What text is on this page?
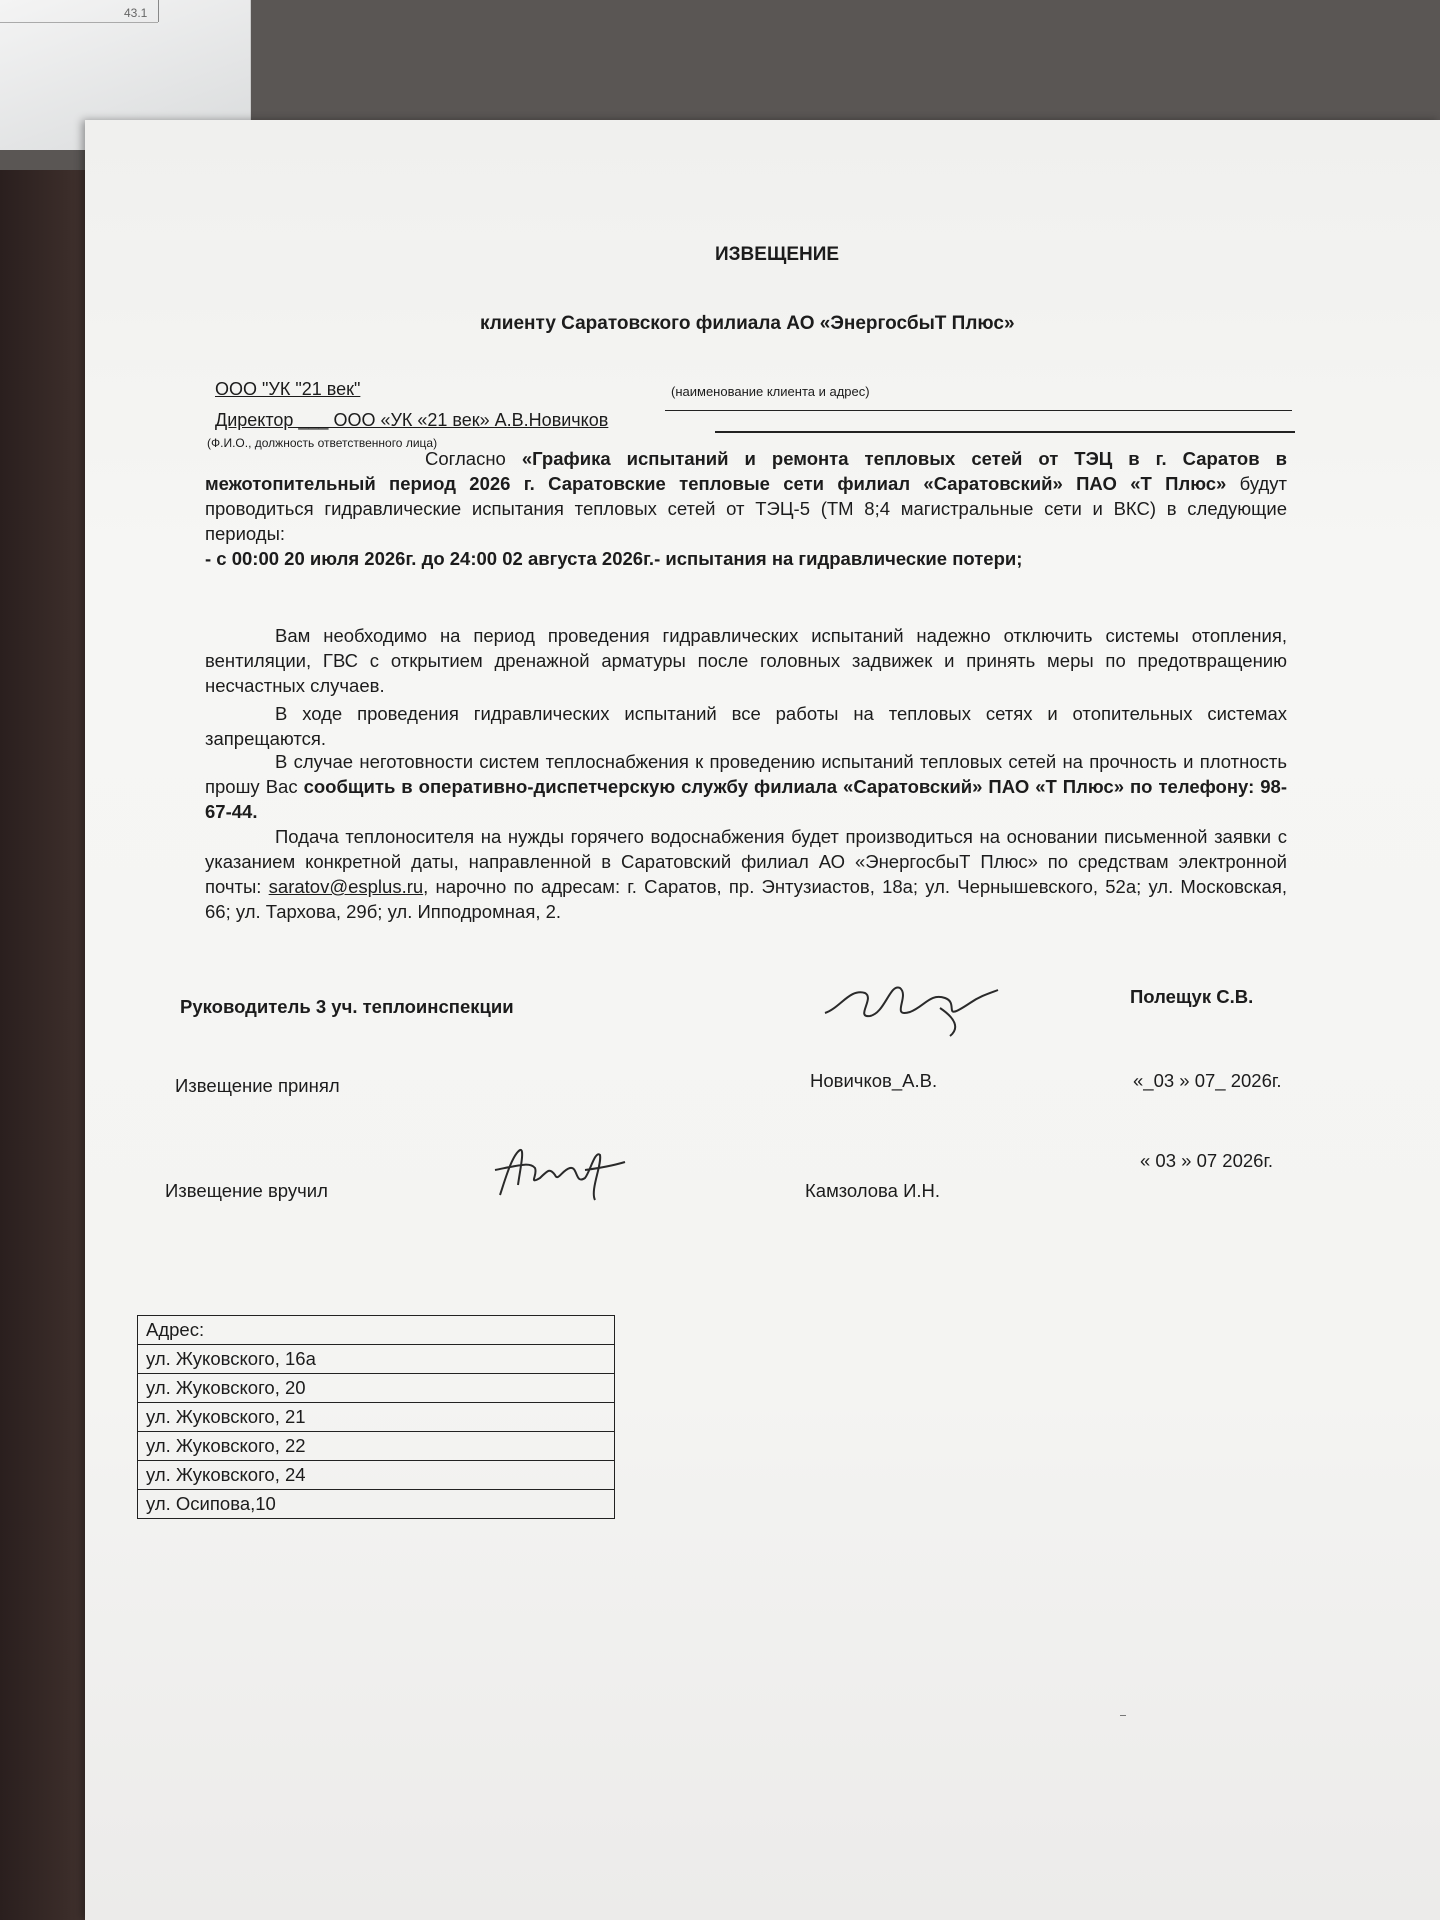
43.1
ИЗВЕЩЕНИЕ
клиенту Саратовского филиала АО «ЭнергосбыТ Плюс»
ООО "УК "21 век"	(наименование клиента и адрес)
Директор ___ ООО «УК «21 век» А.В.Новичков
(Ф.И.О., должность ответственного лица)
Согласно «Графика испытаний и ремонта тепловых сетей от ТЭЦ в г. Саратов в межотопительный период 2026 г. Саратовские тепловые сети филиал «Саратовский» ПАО «Т Плюс» будут проводиться гидравлические испытания тепловых сетей от ТЭЦ-5 (ТМ 8;4 магистральные сети и ВКС) в следующие периоды:
- с 00:00 20 июля 2026г. до 24:00 02 августа 2026г.- испытания на гидравлические потери;
Вам необходимо на период проведения гидравлических испытаний надежно отключить системы отопления, вентиляции, ГВС с открытием дренажной арматуры после головных задвижек и принять меры по предотвращению несчастных случаев.
В ходе проведения гидравлических испытаний все работы на тепловых сетях и отопительных системах запрещаются.
В случае неготовности систем теплоснабжения к проведению испытаний тепловых сетей на прочность и плотность прошу Вас сообщить в оперативно-диспетчерскую службу филиала «Саратовский» ПАО «Т Плюс» по телефону: 98-67-44.
Подача теплоносителя на нужды горячего водоснабжения будет производиться на основании письменной заявки с указанием конкретной даты, направленной в Саратовский филиал АО «ЭнергосбыТ Плюс» по средствам электронной почты: saratov@esplus.ru, нарочно по адресам: г. Саратов, пр. Энтузиастов, 18а; ул. Чернышевского, 52а; ул. Московская, 66; ул. Тархова, 29б; ул. Ипподромная, 2.
Руководитель 3 уч. теплоинспекции	Полещук С.В.
Извещение принял	Новичков_А.В.	«_03 » 07_ 2026г.
Извещение вручил	Камзолова И.Н.
« 03 » 07 2026г.
Адрес:
ул. Жуковского, 16а
ул. Жуковского, 20
ул. Жуковского, 21
ул. Жуковского, 22
ул. Жуковского, 24
ул. Осипова,10
